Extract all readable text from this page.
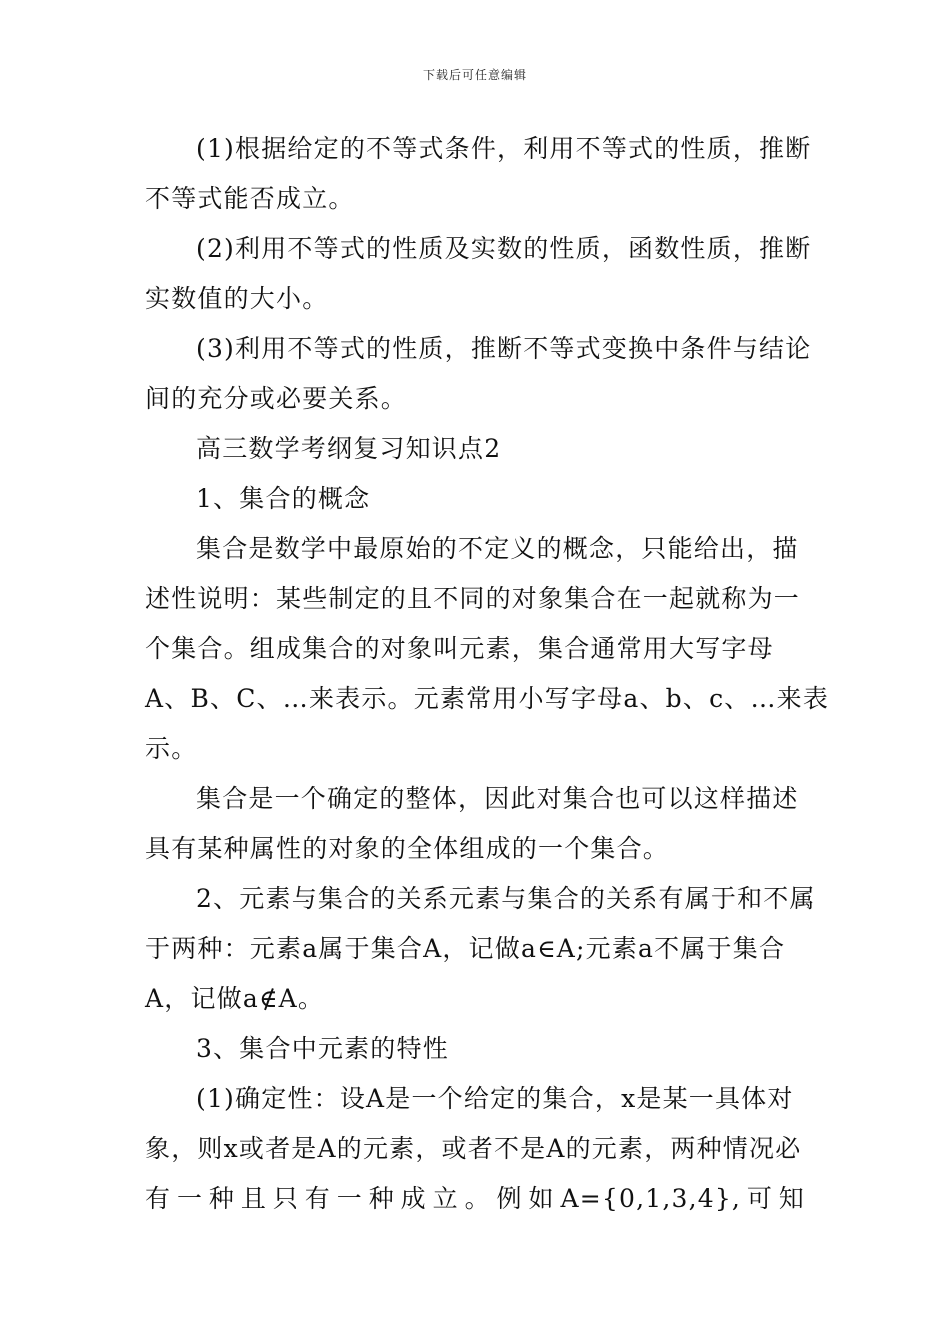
下载后可任意编辑
(1)根据给定的不等式条件，利用不等式的性质，推断
不等式能否成立。
(2)利用不等式的性质及实数的性质，函数性质，推断
实数值的大小。
(3)利用不等式的性质，推断不等式变换中条件与结论
间的充分或必要关系。
高三数学考纲复习知识点2
1、集合的概念
集合是数学中最原始的不定义的概念，只能给出，描
述性说明：某些制定的且不同的对象集合在一起就称为一
个集合。组成集合的对象叫元素，集合通常用大写字母
A、B、C、…来表示。元素常用小写字母a、b、c、…来表
示。
集合是一个确定的整体，因此对集合也可以这样描述
具有某种属性的对象的全体组成的一个集合。
2、元素与集合的关系元素与集合的关系有属于和不属
于两种：元素a属于集合A，记做a∈A;元素a不属于集合
A，记做a∉A。
3、集合中元素的特性
(1)确定性：设A是一个给定的集合，x是某一具体对
象，则x或者是A的元素，或者不是A的元素，两种情况必
有一种且只有一种成立。例如A={0,1,3,4},可知
